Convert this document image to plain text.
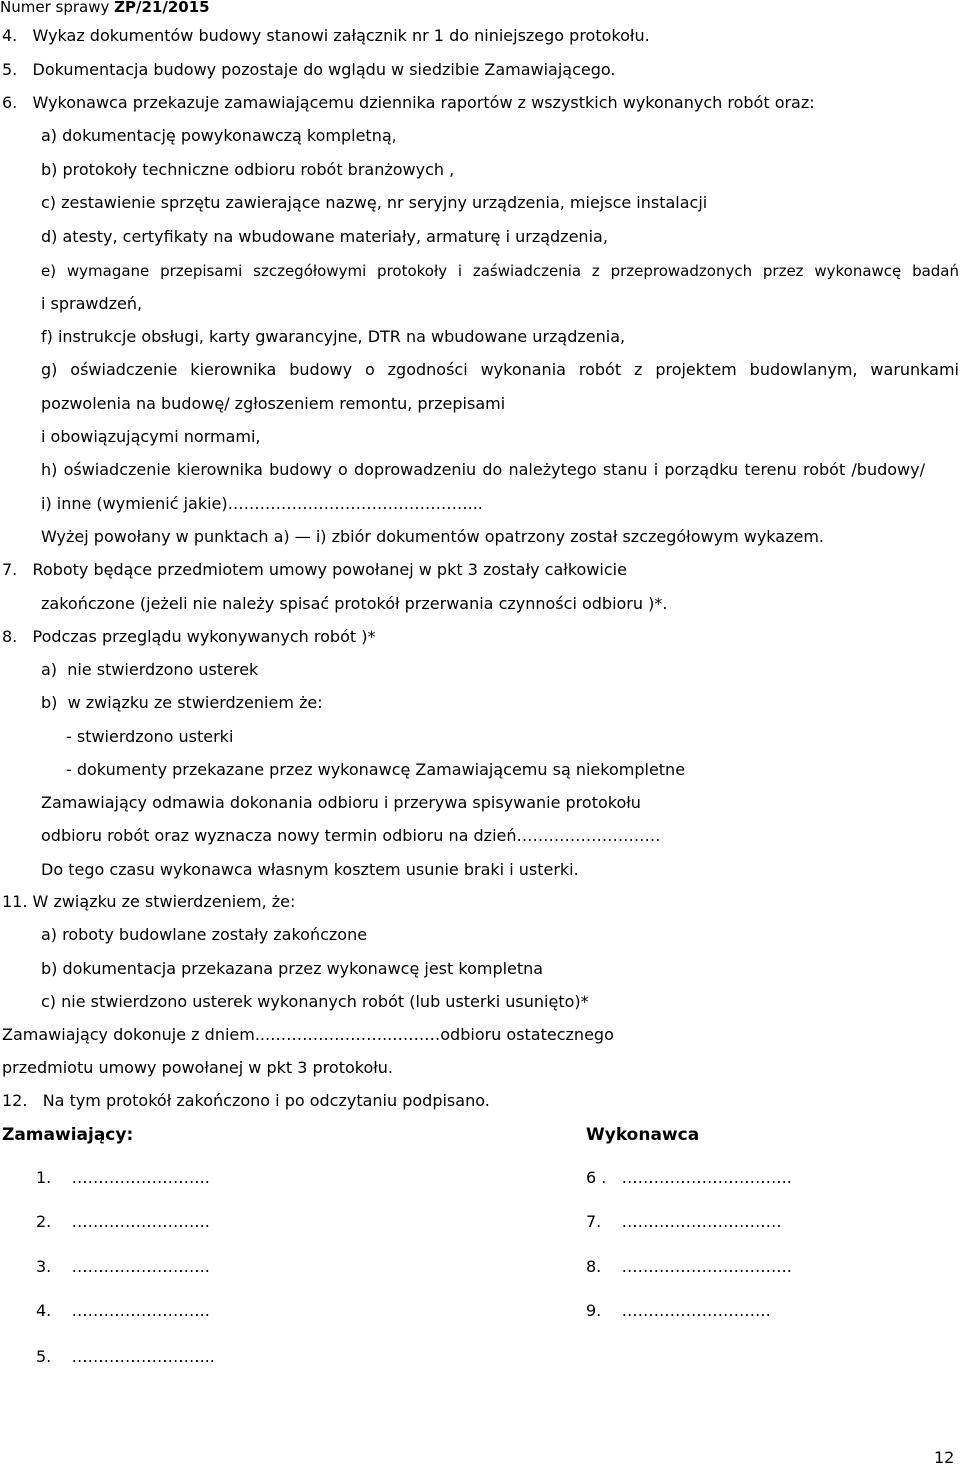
Numer sprawy ZP/21/2015
4.   Wykaz dokumentów budowy stanowi załącznik nr 1 do niniejszego protokołu.
5.   Dokumentacja budowy pozostaje do wglądu w siedzibie Zamawiającego.
6.   Wykonawca przekazuje zamawiającemu dziennika raportów z wszystkich wykonanych robót oraz:
a) dokumentację powykonawczą kompletną,
b) protokoły techniczne odbioru robót branżowych ,
c) zestawienie sprzętu zawierające nazwę, nr seryjny urządzenia, miejsce instalacji
d) atesty, certyfikaty na wbudowane materiały, armaturę i urządzenia,
e) wymagane przepisami szczegółowymi protokoły i zaświadczenia z przeprowadzonych przez wykonawcę badań
i sprawdzeń,
f) instrukcje obsługi, karty gwarancyjne, DTR na wbudowane urządzenia,
g) oświadczenie kierownika budowy o zgodności wykonania robót z projektem budowlanym, warunkami
pozwolenia na budowę/ zgłoszeniem remontu, przepisami
i obowiązującymi normami,
h) oświadczenie kierownika budowy o doprowadzeniu do należytego stanu i porządku terenu robót /budowy/
i) inne (wymienić jakie)………………………………………...
Wyżej powołany w punktach a) — i) zbiór dokumentów opatrzony został szczegółowym wykazem.
7.   Roboty będące przedmiotem umowy powołanej w pkt 3 zostały całkowicie
zakończone (jeżeli nie należy spisać protokół przerwania czynności odbioru )*.
8.   Podczas przeglądu wykonywanych robót )*
a)  nie stwierdzono usterek
b)  w związku ze stwierdzeniem że:
- stwierdzono usterki
- dokumenty przekazane przez wykonawcę Zamawiającemu są niekompletne
Zamawiający odmawia dokonania odbioru i przerywa spisywanie protokołu
odbioru robót oraz wyznacza nowy termin odbioru na dzień………………………
Do tego czasu wykonawca własnym kosztem usunie braki i usterki.
11. W związku ze stwierdzeniem, że:
a) roboty budowlane zostały zakończone
b) dokumentacja przekazana przez wykonawcę jest kompletna
c) nie stwierdzono usterek wykonanych robót (lub usterki usunięto)*
Zamawiający dokonuje z dniem...…………………..………odbioru ostatecznego
przedmiotu umowy powołanej w pkt 3 protokołu.
12.   Na tym protokół zakończono i po odczytaniu podpisano.
Zamawiający:	Wykonawca
1.    ……………………..
2.    ……………………..
3.    ……………………..
4.    ……………………..
5.    ……………………...
6 .   …………………………..
7.    …………………………
8.    …………………………..
9.    ……………………….
12
